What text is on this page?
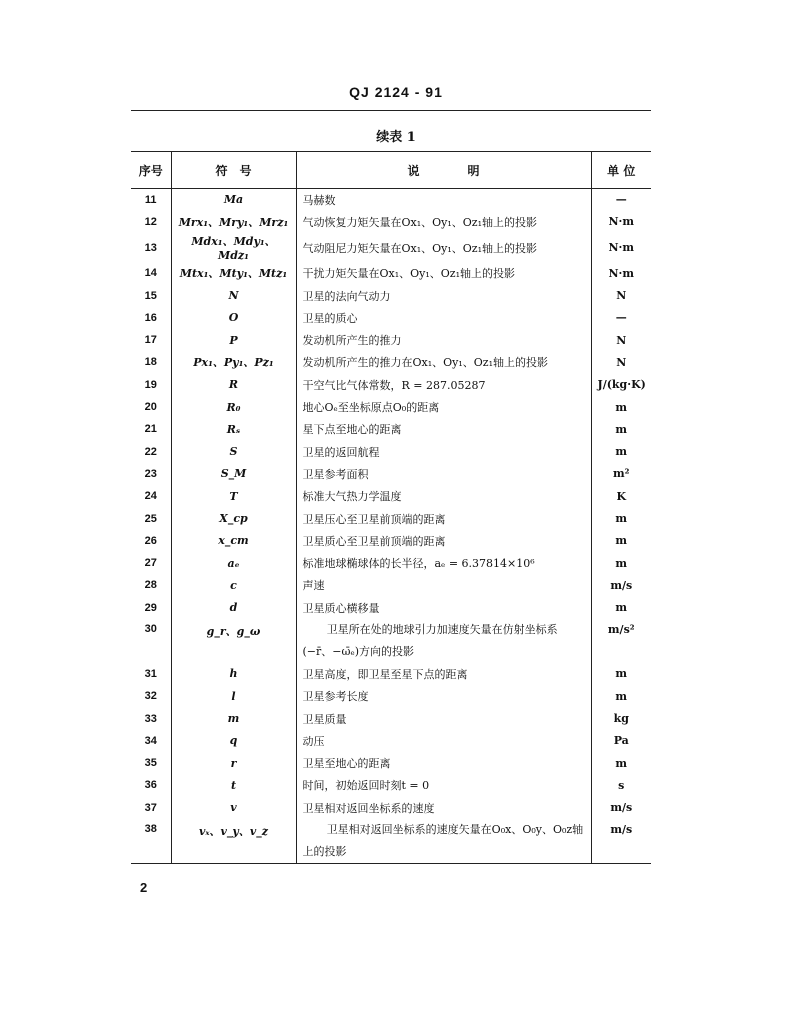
QJ 2124 - 91
续表 1
序号	符　号	说　　　　明	单 位
11	Ma	马赫数	—
12	Mrx₁、Mry₁、Mrz₁	气动恢复力矩矢量在Ox₁、Oy₁、Oz₁轴上的投影	N·m
13	Mdx₁、Mdy₁、Mdz₁	气动阻尼力矩矢量在Ox₁、Oy₁、Oz₁轴上的投影	N·m
14	Mtx₁、Mty₁、Mtz₁	干扰力矩矢量在Ox₁、Oy₁、Oz₁轴上的投影	N·m
15	N	卫星的法向气动力	N
16	O	卫星的质心	—
17	P	发动机所产生的推力	N
18	Px₁、Py₁、Pz₁	发动机所产生的推力在Ox₁、Oy₁、Oz₁轴上的投影	N
19	R	干空气比气体常数，R = 287.05287	J/(kg·K)
20	R₀	地心Oₑ至坐标原点O₀的距离	m
21	Rₛ	星下点至地心的距离	m
22	S	卫星的返回航程	m
23	S_M	卫星参考面积	m²
24	T	标准大气热力学温度	K
25	X_cp	卫星压心至卫星前顶端的距离	m
26	x_cm	卫星质心至卫星前顶端的距离	m
27	aₑ	标准地球椭球体的长半径，aₑ = 6.37814×10⁶	m
28	c	声速	m/s
29	d	卫星质心横移量	m
30	g_r、g_ω	卫星所在处的地球引力加速度矢量在仿射坐标系(−r̄、−ω̄ₑ)方向的投影	m/s²
31	h	卫星高度，即卫星至星下点的距离	m
32	l	卫星参考长度	m
33	m	卫星质量	kg
34	q	动压	Pa
35	r	卫星至地心的距离	m
36	t	时间，初始返回时刻t = 0	s
37	v	卫星相对返回坐标系的速度	m/s
38	vₓ、v_y、v_z	卫星相对返回坐标系的速度矢量在O₀x、O₀y、O₀z轴上的投影	m/s
2
